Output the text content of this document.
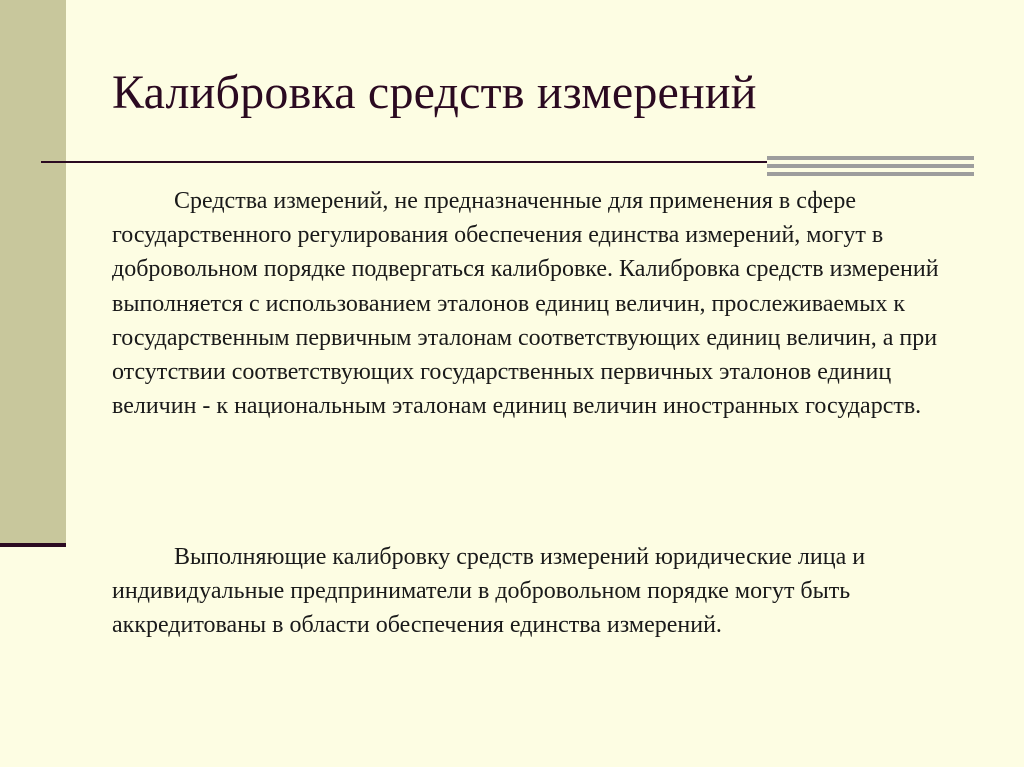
Калибровка средств измерений

Средства измерений, не предназначенные для применения в сфере государственного регулирования обеспечения единства измерений, могут в добровольном порядке подвергаться калибровке. Калибровка средств измерений выполняется с использованием эталонов единиц величин, прослеживаемых к государственным первичным эталонам соответствующих единиц величин, а при отсутствии соответствующих государственных первичных эталонов единиц величин - к национальным эталонам единиц величин иностранных государств.

Выполняющие калибровку средств измерений юридические лица и индивидуальные предприниматели в добровольном порядке могут быть аккредитованы в области обеспечения единства измерений.
